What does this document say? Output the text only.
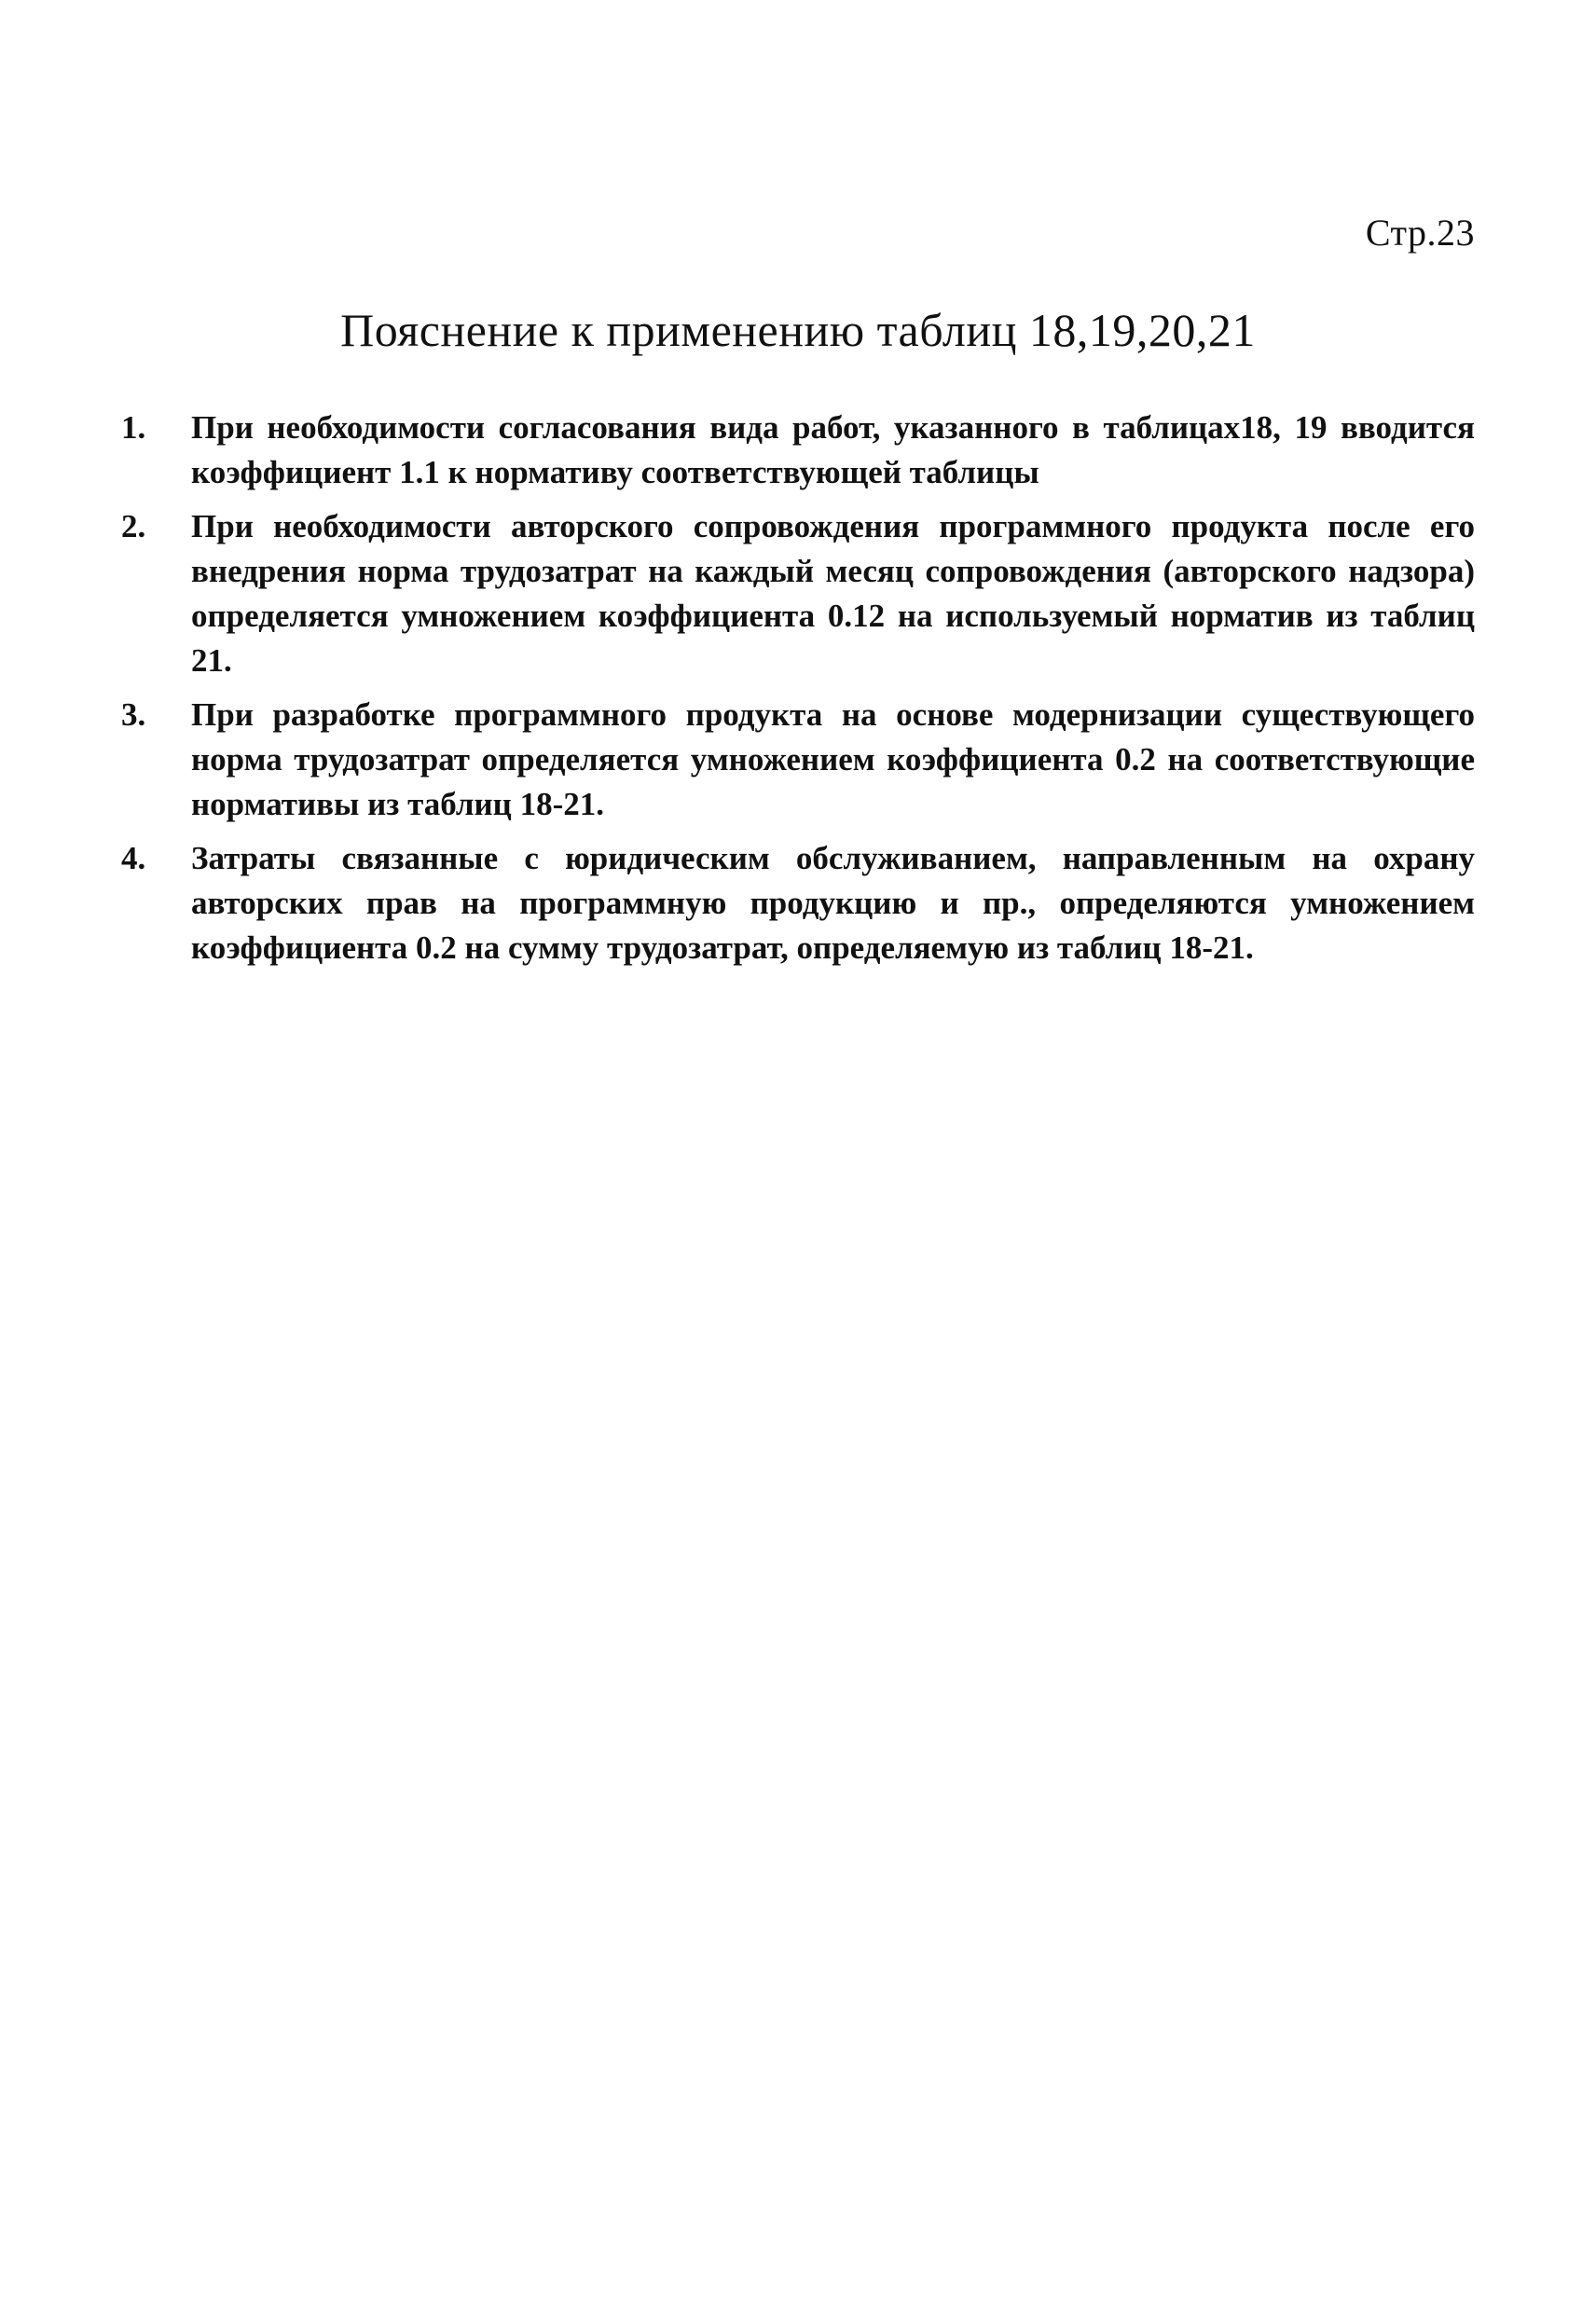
Стр.23
Пояснение к применению таблиц 18,19,20,21
1.	При необходимости согласования вида работ, указанного в таблицах18, 19 вводится коэффициент 1.1 к нормативу соответствующей таблицы
2.	При необходимости авторского сопровождения программного продукта после его внедрения норма трудозатрат на каждый месяц сопровождения (авторского надзора) определяется умножением коэффициента 0.12 на используемый норматив из таблиц 21.
3.	При разработке программного продукта на основе модернизации существующего норма трудозатрат определяется умножением коэффициента 0.2 на соответствующие нормативы из таблиц 18-21.
4.	Затраты связанные с юридическим обслуживанием, направленным на охрану авторских прав на программную продукцию и пр., определяются умножением коэффициента 0.2 на сумму трудозатрат, определяемую из таблиц 18-21.
